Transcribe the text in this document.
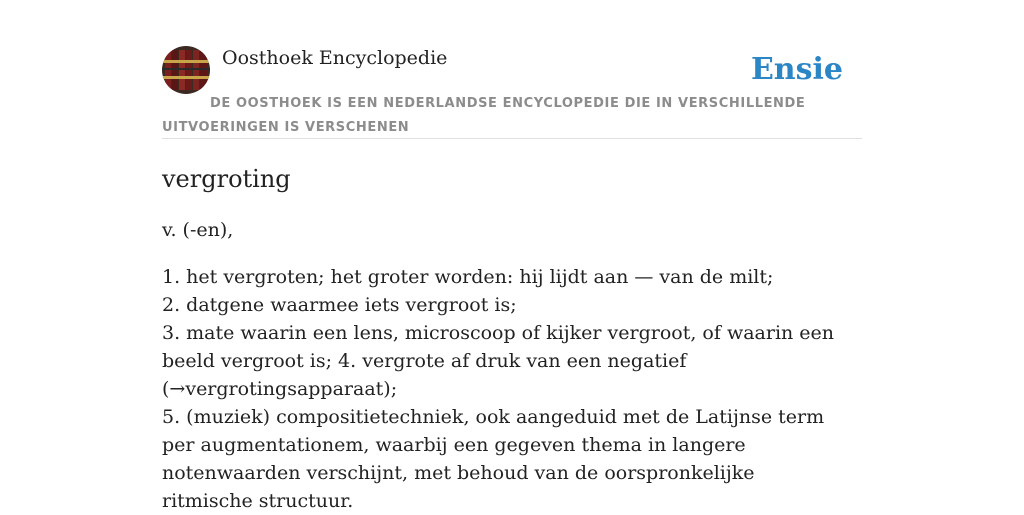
Oosthoek Encyclopedie	Ensie
DE OOSTHOEK IS EEN NEDERLANDSE ENCYCLOPEDIE DIE IN VERSCHILLENDE UITVOERINGEN IS VERSCHENEN
vergroting
v. (-en),
1. het vergroten; het groter worden: hij lijdt aan — van de milt;
2. datgene waarmee iets vergroot is;
3. mate waarin een lens, microscoop of kijker vergroot, of waarin een beeld vergroot is; 4. vergrote af druk van een negatief (→vergrotingsapparaat);
5. (muziek) compositietechniek, ook aangeduid met de Latijnse term per augmentationem, waarbij een gegeven thema in langere notenwaarden verschijnt, met behoud van de oorspronkelijke ritmische structuur.
